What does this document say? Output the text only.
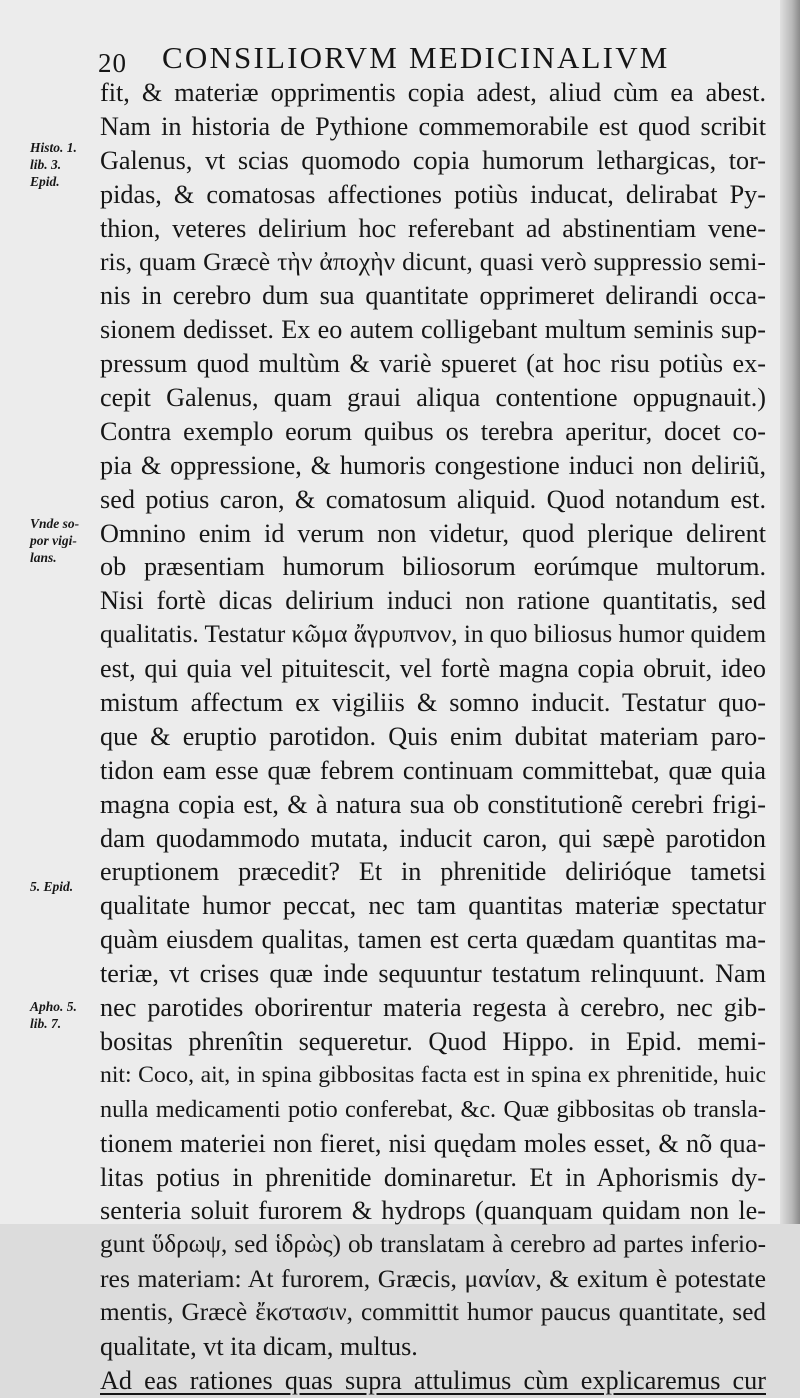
20 CONSILIORVM MEDICINALIVM
Histo. 1.
lib. 3.
Epid.
Vnde so-
por vigi-
lans.
5. Epid.
Apho. 5.
lib. 7.
fit, & materiæ opprimentis copia adest, aliud cùm ea abest.
Nam in historia de Pythione commemorabile est quod scribit
Galenus, vt scias quomodo copia humorum lethargicas, tor-
pidas, & comatosas affectiones potiùs inducat, delirabat Py-
thion, veteres delirium hoc referebant ad abstinentiam vene-
ris, quam Græcè τὴν ἀποχὴν dicunt, quasi verò suppressio semi-
nis in cerebro dum sua quantitate opprimeret delirandi occa-
sionem dedisset. Ex eo autem colligebant multum seminis sup-
pressum quod multùm & variè spueret (at hoc risu potiùs ex-
cepit Galenus, quam graui aliqua contentione oppugnauit.)
Contra exemplo eorum quibus os terebra aperitur, docet co-
pia & oppressione, & humoris congestione induci non deliriũ,
sed potius caron, & comatosum aliquid. Quod notandum est.
Omnino enim id verum non videtur, quod plerique delirent
ob præsentiam humorum biliosorum eorúmque multorum.
Nisi fortè dicas delirium induci non ratione quantitatis, sed
qualitatis. Testatur κῶμα ἄγρυπνον, in quo biliosus humor quidem
est, qui quia vel pituitescit, vel fortè magna copia obruit, ideo
mistum affectum ex vigiliis & somno inducit. Testatur quo-
que & eruptio parotidon. Quis enim dubitat materiam paro-
tidon eam esse quæ febrem continuam committebat, quæ quia
magna copia est, & à natura sua ob constitutionẽ cerebri frigi-
dam quodammodo mutata, inducit caron, qui sæpè parotidon
eruptionem præcedit? Et in phrenitide delirióque tametsi
qualitate humor peccat, nec tam quantitas materiæ spectatur
quàm eiusdem qualitas, tamen est certa quædam quantitas ma-
teriæ, vt crises quæ inde sequuntur testatum relinquunt. Nam
nec parotides oborirentur materia regesta à cerebro, nec gib-
bositas phrenîtin sequeretur. Quod Hippo. in Epid. memi-
nit: Coco, ait, in spina gibbositas facta est in spina ex phrenitide, huic
nulla medicamenti potio conferebat, &c. Quæ gibbositas ob transla-
tionem materiei non fieret, nisi quędam moles esset, & nõ qua-
litas potius in phrenitide dominaretur. Et in Aphorismis dy-
senteria soluit furorem & hydrops (quanquam quidam non le-
gunt ὕδρωψ, sed ἱδρὼς) ob translatam à cerebro ad partes inferio-
res materiam: At furorem, Græcis, μανίαν, & exitum è potestate
mentis, Græcè ἔκστασιν, committit humor paucus quantitate, sed
qualitate, vt ita dicam, multus.
Ad eas rationes quas supra attulimus cùm explicaremus cur
